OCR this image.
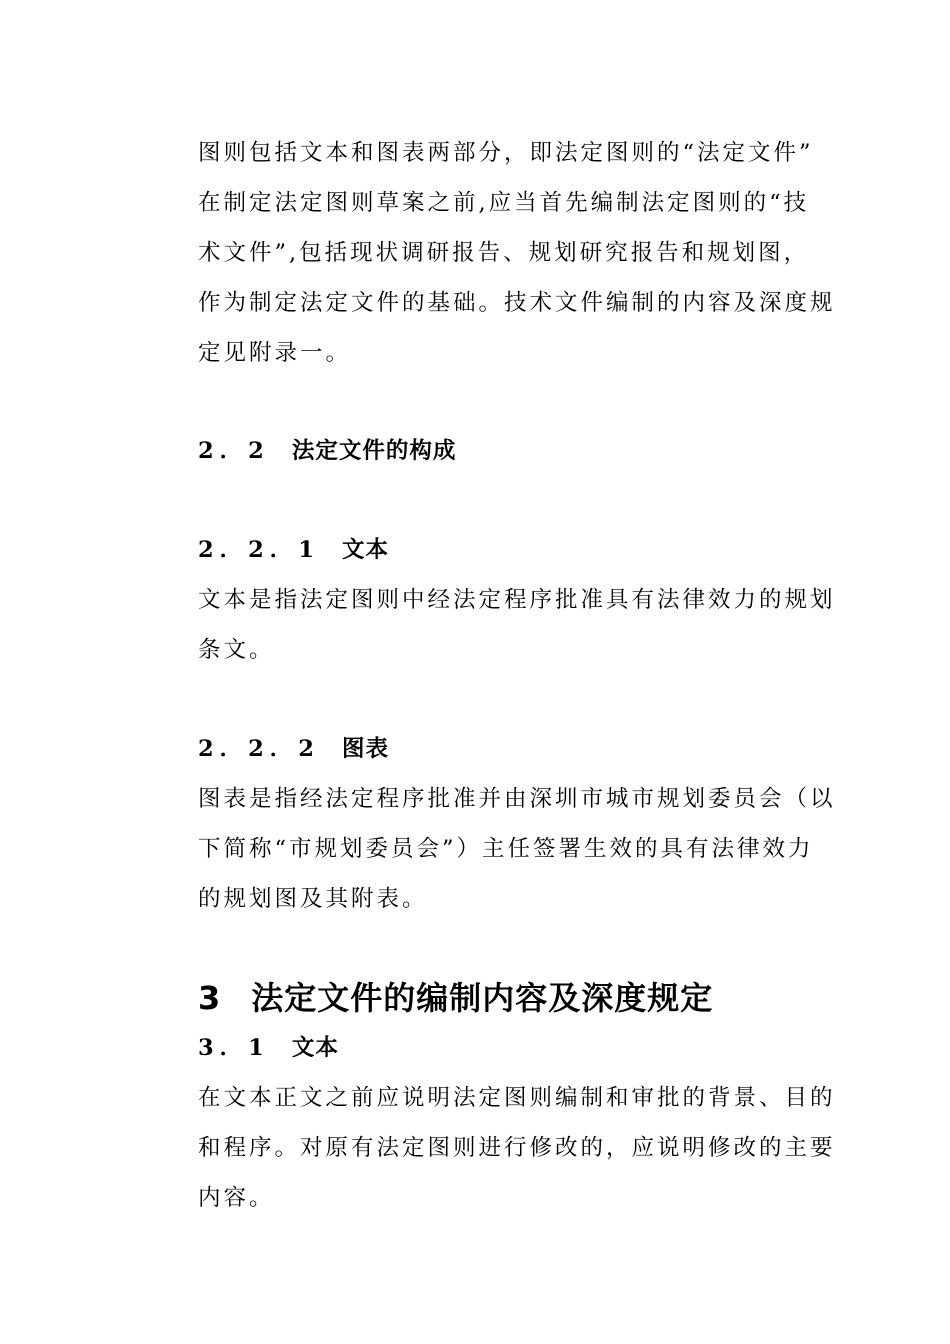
图则包括文本和图表两部分，即法定图则的“法定文件”
在制定法定图则草案之前,应当首先编制法定图则的“技
术文件”,包括现状调研报告、规划研究报告和规划图，
作为制定法定文件的基础。技术文件编制的内容及深度规
定见附录一。
2．2 法定文件的构成
2．2．1 文本
文本是指法定图则中经法定程序批准具有法律效力的规划
条文。
2．2．2 图表
图表是指经法定程序批准并由深圳市城市规划委员会（以
下简称“市规划委员会”）主任签署生效的具有法律效力
的规划图及其附表。
3 法定文件的编制内容及深度规定
3．1 文本
在文本正文之前应说明法定图则编制和审批的背景、目的
和程序。对原有法定图则进行修改的，应说明修改的主要
内容。
